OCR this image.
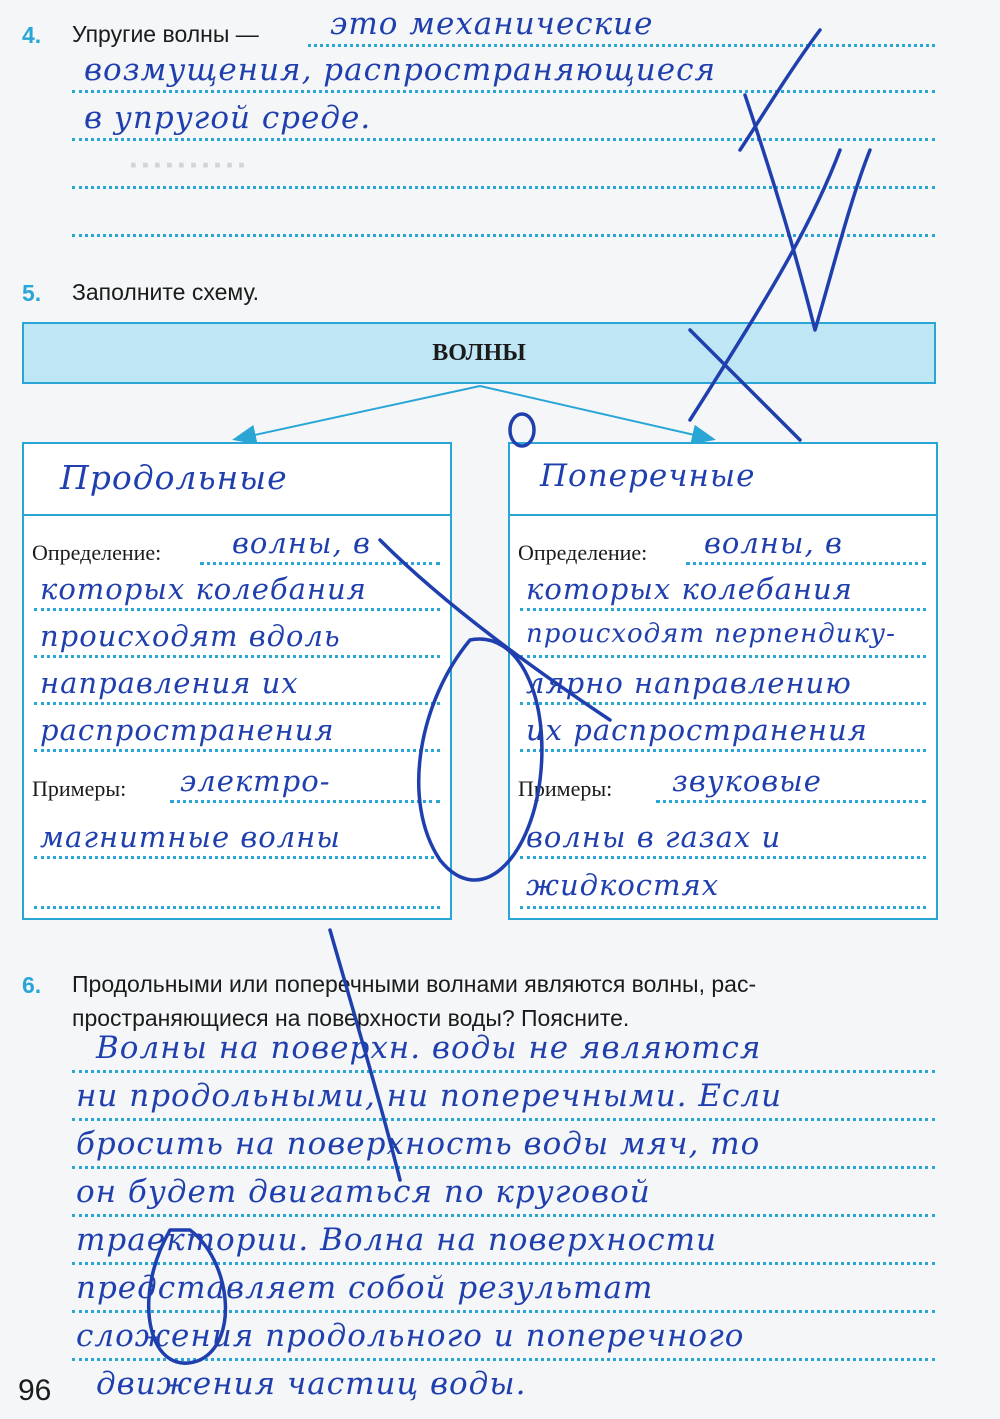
▪ ▪ ▪ ▪ ▪ ▪ ▪ ▪ ▪ ▪
4. Упругие волны — это механические
возмущения, распространяющиеся
в упругой среде.
5. Заполните схему.
ВОЛНЫ
Продольные
Определение: волны, в
которых колебания
происходят вдоль
направления их
распространения
Примеры: электро-
магнитные волны
Поперечные
Определение: волны, в
которых колебания
происходят перпендику-
лярно направлению
их распространения
Примеры: звуковые
волны в газах и
жидкостях
6. Продольными или поперечными волнами являются волны, рас-
пространяющиеся на поверхности воды? Поясните.
Волны на поверхн. воды не являются
ни продольными, ни поперечными. Если
бросить на поверхность воды мяч, то
он будет двигаться по круговой
траектории. Волна на поверхности
представляет собой результат
сложения продольного и поперечного
движения частиц воды.
96
